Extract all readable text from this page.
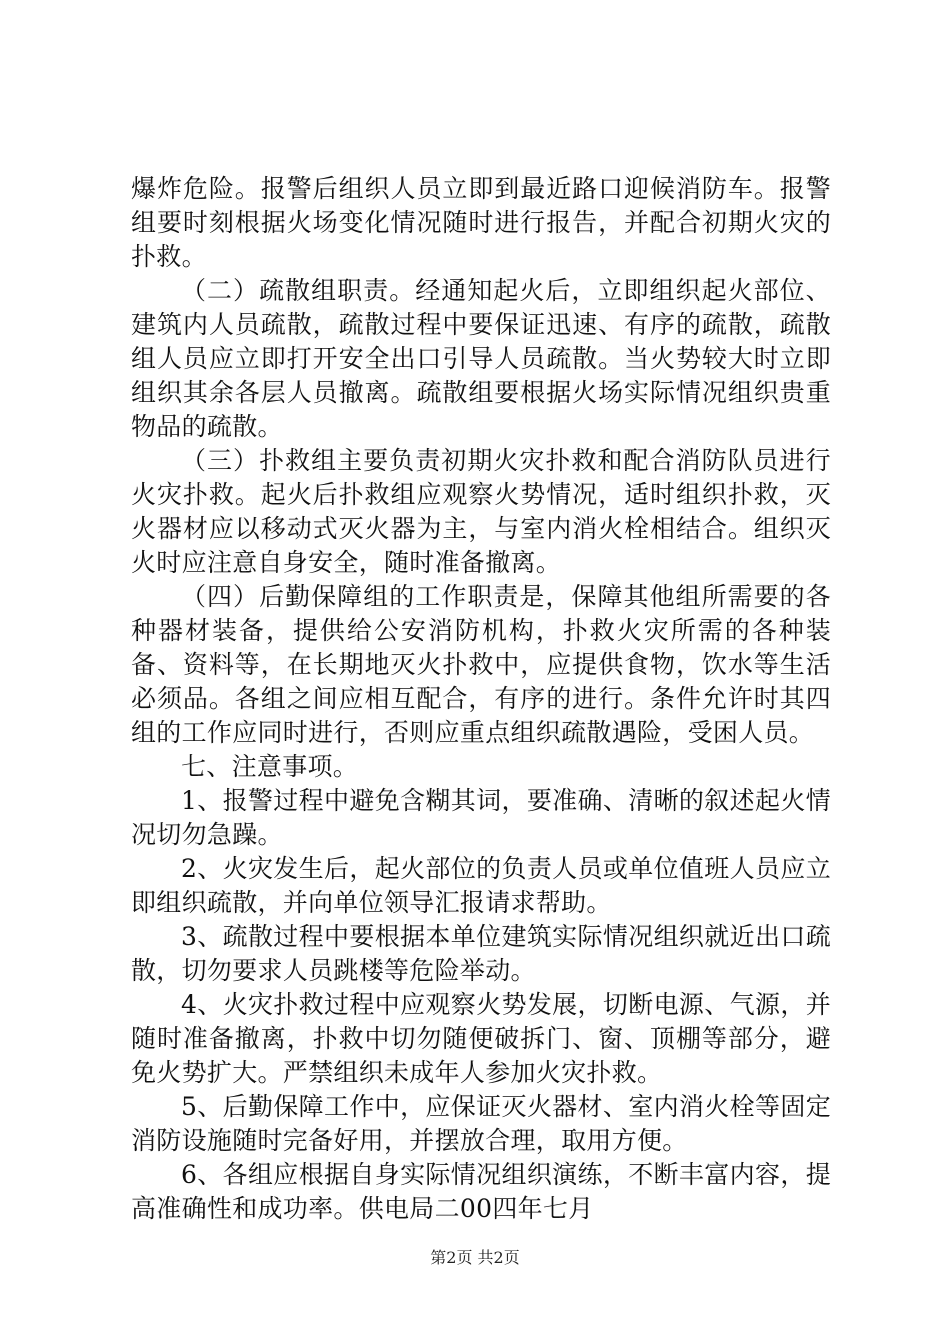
爆炸危险。报警后组织人员立即到最近路口迎候消防车。报警组要时刻根据火场变化情况随时进行报告，并配合初期火灾的扑救。

（二）疏散组职责。经通知起火后，立即组织起火部位、建筑内人员疏散，疏散过程中要保证迅速、有序的疏散，疏散组人员应立即打开安全出口引导人员疏散。当火势较大时立即组织其余各层人员撤离。疏散组要根据火场实际情况组织贵重物品的疏散。

（三）扑救组主要负责初期火灾扑救和配合消防队员进行火灾扑救。起火后扑救组应观察火势情况，适时组织扑救，灭火器材应以移动式灭火器为主，与室内消火栓相结合。组织灭火时应注意自身安全，随时准备撤离。

（四）后勤保障组的工作职责是，保障其他组所需要的各种器材装备，提供给公安消防机构，扑救火灾所需的各种装备、资料等，在长期地灭火扑救中，应提供食物，饮水等生活必须品。各组之间应相互配合，有序的进行。条件允许时其四组的工作应同时进行，否则应重点组织疏散遇险，受困人员。

七、注意事项。

1、报警过程中避免含糊其词，要准确、清晰的叙述起火情况切勿急躁。

2、火灾发生后，起火部位的负责人员或单位值班人员应立即组织疏散，并向单位领导汇报请求帮助。

3、疏散过程中要根据本单位建筑实际情况组织就近出口疏散，切勿要求人员跳楼等危险举动。

4、火灾扑救过程中应观察火势发展，切断电源、气源，并随时准备撤离，扑救中切勿随便破拆门、窗、顶棚等部分，避免火势扩大。严禁组织未成年人参加火灾扑救。

5、后勤保障工作中，应保证灭火器材、室内消火栓等固定消防设施随时完备好用，并摆放合理，取用方便。

6、各组应根据自身实际情况组织演练，不断丰富内容，提高准确性和成功率。供电局二00四年七月

第2页 共2页
